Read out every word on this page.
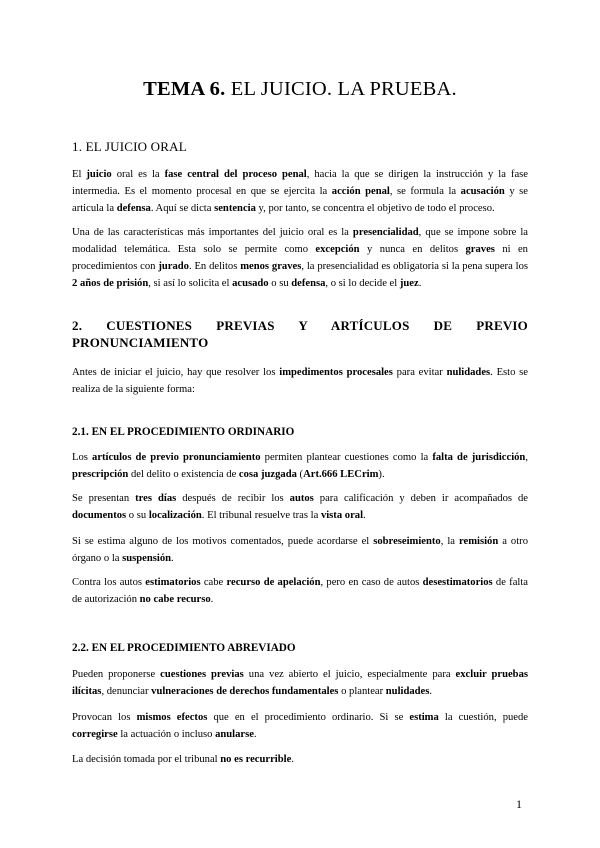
TEMA 6. EL JUICIO. LA PRUEBA.
1. EL JUICIO ORAL
El juicio oral es la fase central del proceso penal, hacia la que se dirigen la instrucción y la fase intermedia. Es el momento procesal en que se ejercita la acción penal, se formula la acusación y se articula la defensa. Aquí se dicta sentencia y, por tanto, se concentra el objetivo de todo el proceso.
Una de las características más importantes del juicio oral es la presencialidad, que se impone sobre la modalidad telemática. Esta solo se permite como excepción y nunca en delitos graves ni en procedimientos con jurado. En delitos menos graves, la presencialidad es obligatoria si la pena supera los 2 años de prisión, si así lo solicita el acusado o su defensa, o si lo decide el juez.
2. CUESTIONES PREVIAS Y ARTÍCULOS DE PREVIO PRONUNCIAMIENTO
Antes de iniciar el juicio, hay que resolver los impedimentos procesales para evitar nulidades. Esto se realiza de la siguiente forma:
2.1. EN EL PROCEDIMIENTO ORDINARIO
Los artículos de previo pronunciamiento permiten plantear cuestiones como la falta de jurisdicción, prescripción del delito o existencia de cosa juzgada (Art.666 LECrim).
Se presentan tres días después de recibir los autos para calificación y deben ir acompañados de documentos o su localización. El tribunal resuelve tras la vista oral.
Si se estima alguno de los motivos comentados, puede acordarse el sobreseimiento, la remisión a otro órgano o la suspensión.
Contra los autos estimatorios cabe recurso de apelación, pero en caso de autos desestimatorios de falta de autorización no cabe recurso.
2.2. EN EL PROCEDIMIENTO ABREVIADO
Pueden proponerse cuestiones previas una vez abierto el juicio, especialmente para excluir pruebas ilícitas, denunciar vulneraciones de derechos fundamentales o plantear nulidades.
Provocan los mismos efectos que en el procedimiento ordinario. Si se estima la cuestión, puede corregirse la actuación o incluso anularse.
La decisión tomada por el tribunal no es recurrible.
1
